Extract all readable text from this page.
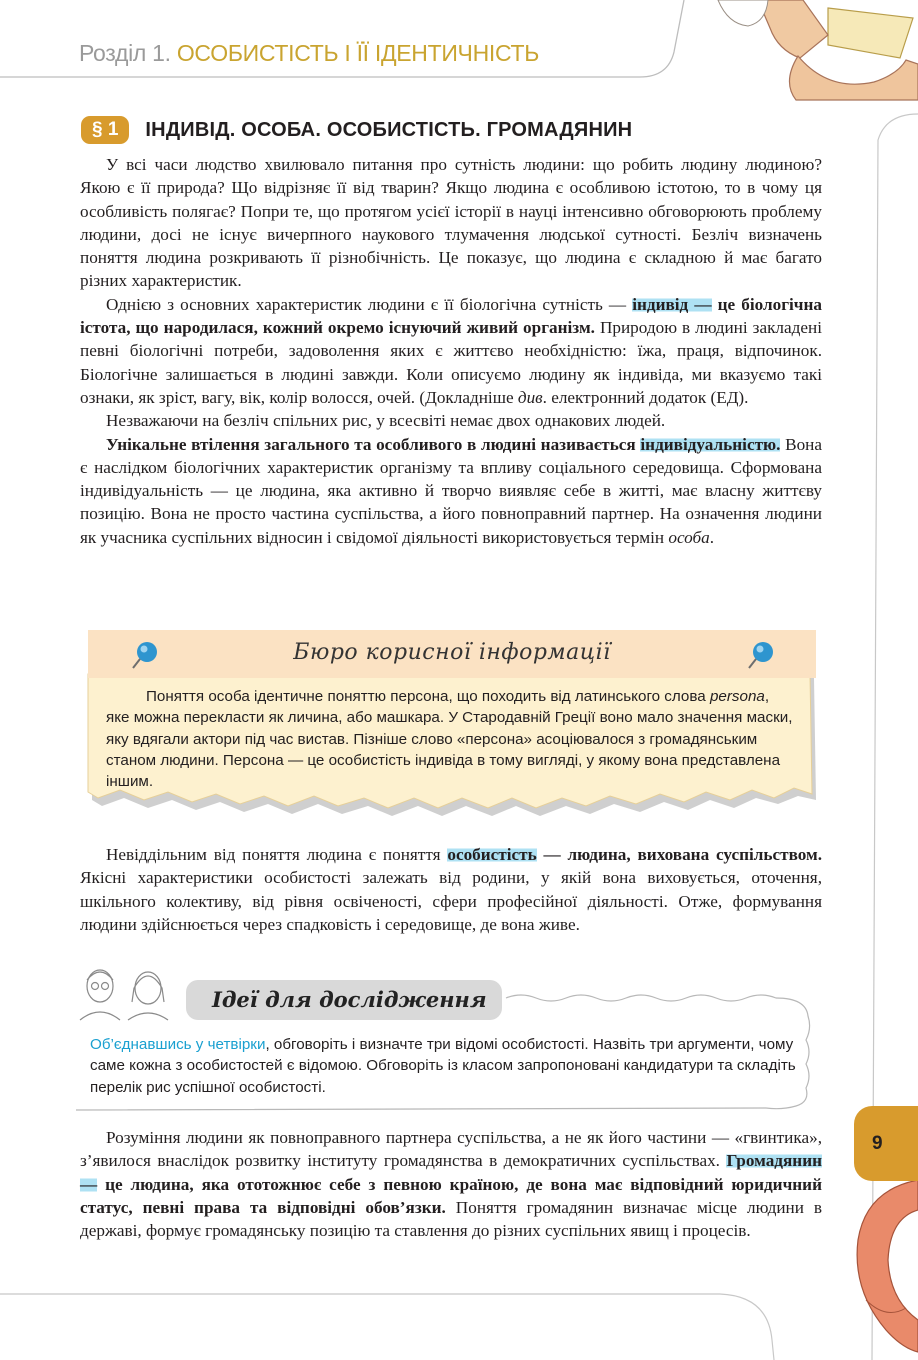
Розділ 1. ОСОБИСТІСТЬ І ЇЇ ІДЕНТИЧНІСТЬ
§ 1	ІНДИВІД. ОСОБА. ОСОБИСТІСТЬ. ГРОМАДЯНИН

У всі часи людство хвилювало питання про сутність людини: що робить людину людиною? Якою є її природа? Що відрізняє її від тварин? Якщо людина є особливою істотою, то в чому ця особливість полягає? Попри те, що протягом усієї історії в науці інтенсивно обговорюють проблему людини, досі не існує вичерпного наукового тлумачення людської сутності. Безліч визначень поняття людина розкривають її різнобічність. Це показує, що людина є складною й має багато різних характеристик.

Однією з основних характеристик людини є її біологічна сутність — індивід — це біологічна істота, що народилася, кожний окремо існуючий живий організм. Природою в людині закладені певні біологічні потреби, задоволення яких є життєво необхідністю: їжа, праця, відпочинок. Біологічне залишається в людині завжди. Коли описуємо людину як індивіда, ми вказуємо такі ознаки, як зріст, вагу, вік, колір волосся, очей. (Докладніше див. електронний додаток (ЕД).

Незважаючи на безліч спільних рис, у всесвіті немає двох однакових людей.

Унікальне втілення загального та особливого в людині називається індивідуальністю. Вона є наслідком біологічних характеристик організму та впливу соціального середовища. Сформована індивідуальність — це людина, яка активно й творчо виявляє себе в житті, має власну життєву позицію. Вона не просто частина суспільства, а його повноправний партнер. На означення людини як учасника суспільних відносин і свідомої діяльності використовується термін особа.

Бюро корисної інформації

Поняття особа ідентичне поняттю персона, що походить від латинського слова persona, яке можна перекласти як личина, або машкара. У Стародавній Греції воно мало значення маски, яку вдягали актори під час вистав. Пізніше слово «персона» асоціювалося з громадянським станом людини. Персона — це особистість індивіда в тому вигляді, у якому вона представлена іншим.

Невіддільним від поняття людина є поняття особистість — людина, вихована суспільством. Якісні характеристики особистості залежать від родини, у якій вона виховується, оточення, шкільного колективу, від рівня освіченості, сфери професійної діяльності. Отже, формування людини здійснюється через спадковість і середовище, де вона живе.

Ідеї для дослідження
Об’єднавшись у четвірки, обговоріть і визначте три відомі особистості. Назвіть три аргументи, чому саме кожна з особистостей є відомою. Обговоріть із класом запропоновані кандидатури та складіть перелік рис успішної особистості.

Розуміння людини як повноправного партнера суспільства, а не як його частини — «гвинтика», з’явилося внаслідок розвитку інституту громадянства в демократичних суспільствах. Громадянин — це людина, яка ототожнює себе з певною країною, де вона має відповідний юридичний статус, певні права та відповідні обов’язки. Поняття громадянин визначає місце людини в державі, формує громадянську позицію та ставлення до різних суспільних явищ і процесів.

9
